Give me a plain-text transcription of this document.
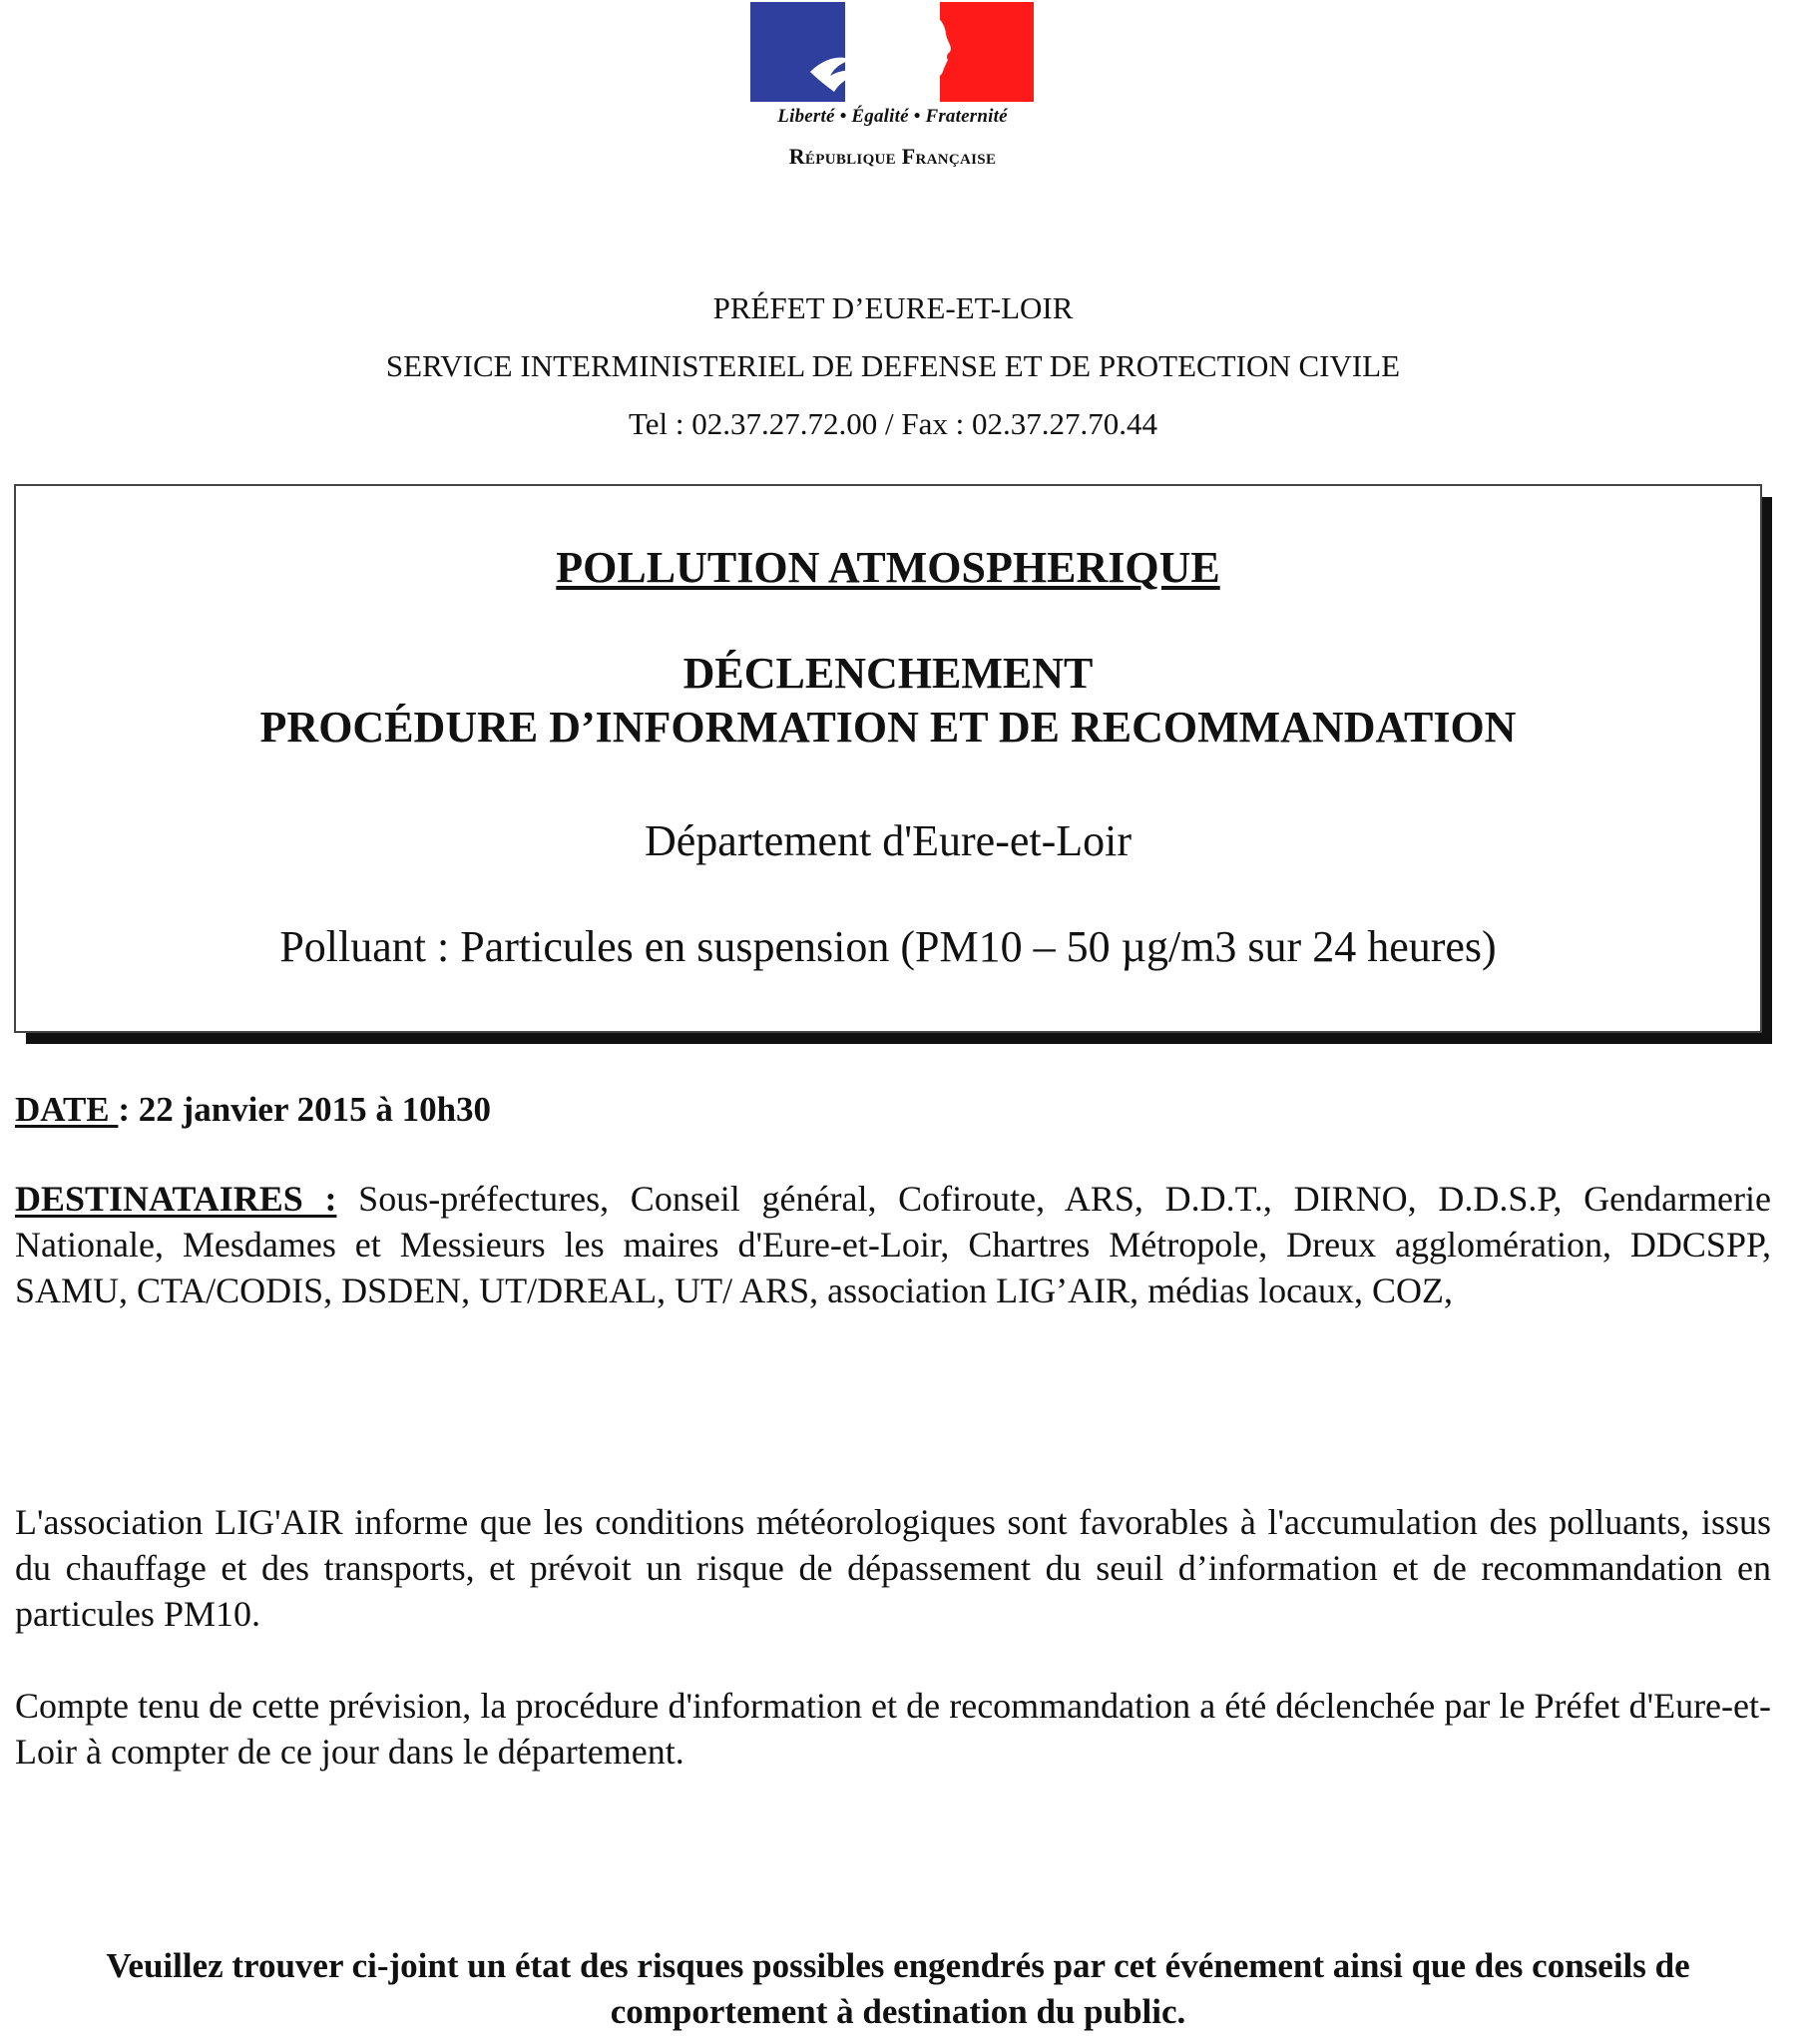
Liberté • Égalité • Fraternité
République Française
PRÉFET D’EURE-ET-LOIR
SERVICE INTERMINISTERIEL DE DEFENSE ET DE PROTECTION CIVILE
Tel : 02.37.27.72.00 / Fax : 02.37.27.70.44
POLLUTION ATMOSPHERIQUE
DÉCLENCHEMENT
PROCÉDURE D’INFORMATION ET DE RECOMMANDATION
Département d'Eure-et-Loir
Polluant : Particules en suspension (PM10 – 50 µg/m3 sur 24 heures)
DATE : 22 janvier 2015 à 10h30
DESTINATAIRES : Sous-préfectures, Conseil général, Cofiroute, ARS, D.D.T., DIRNO, D.D.S.P, Gendarmerie Nationale, Mesdames et Messieurs les maires d'Eure-et-Loir, Chartres Métropole, Dreux agglomération, DDCSPP, SAMU, CTA/CODIS, DSDEN, UT/DREAL, UT/ ARS, association LIG’AIR, médias locaux, COZ,
L'association LIG'AIR informe que les conditions météorologiques sont favorables à l'accumulation des polluants, issus du chauffage et des transports, et prévoit un risque de dépassement du seuil d’information et de recommandation en particules PM10.
Compte tenu de cette prévision, la procédure d'information et de recommandation a été déclenchée par le Préfet d'Eure-et-Loir à compter de ce jour dans le département.
Veuillez trouver ci-joint un état des risques possibles engendrés par cet événement ainsi que des conseils de comportement à destination du public.
